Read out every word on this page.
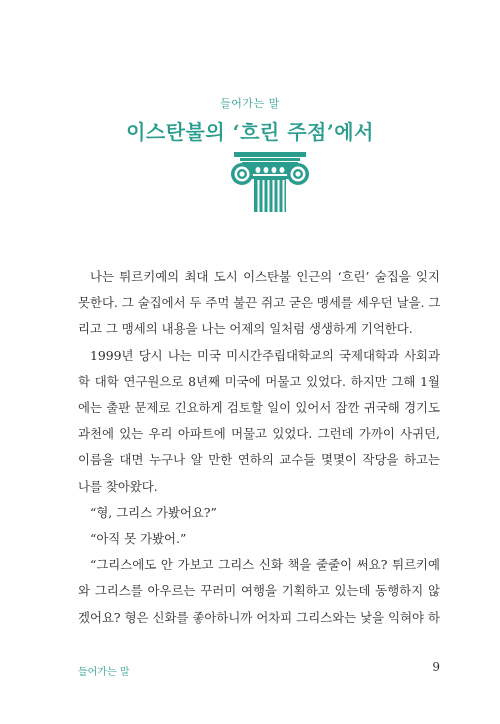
들어가는 말
이스탄불의 ‘흐린 주점’에서
나는 튀르키예의 최대 도시 이스탄불 인근의 ‘흐린’ 술집을 잊지
못한다. 그 술집에서 두 주먹 불끈 쥐고 굳은 맹세를 세우던 날을. 그
리고 그 맹세의 내용을 나는 어제의 일처럼 생생하게 기억한다.
1999년 당시 나는 미국 미시간주립대학교의 국제대학과 사회과
학 대학 연구원으로 8년째 미국에 머물고 있었다. 하지만 그해 1월
에는 출판 문제로 긴요하게 검토할 일이 있어서 잠깐 귀국해 경기도
과천에 있는 우리 아파트에 머물고 있었다. 그런데 가까이 사귀던,
이름을 대면 누구나 알 만한 연하의 교수들 몇몇이 작당을 하고는
나를 찾아왔다.
“형, 그리스 가봤어요?”
“아직 못 가봤어.”
“그리스에도 안 가보고 그리스 신화 책을 줄줄이 써요? 튀르키예
와 그리스를 아우르는 꾸러미 여행을 기획하고 있는데 동행하지 않
겠어요? 형은 신화를 좋아하니까 어차피 그리스와는 낯을 익혀야 하
들어가는 말	9
